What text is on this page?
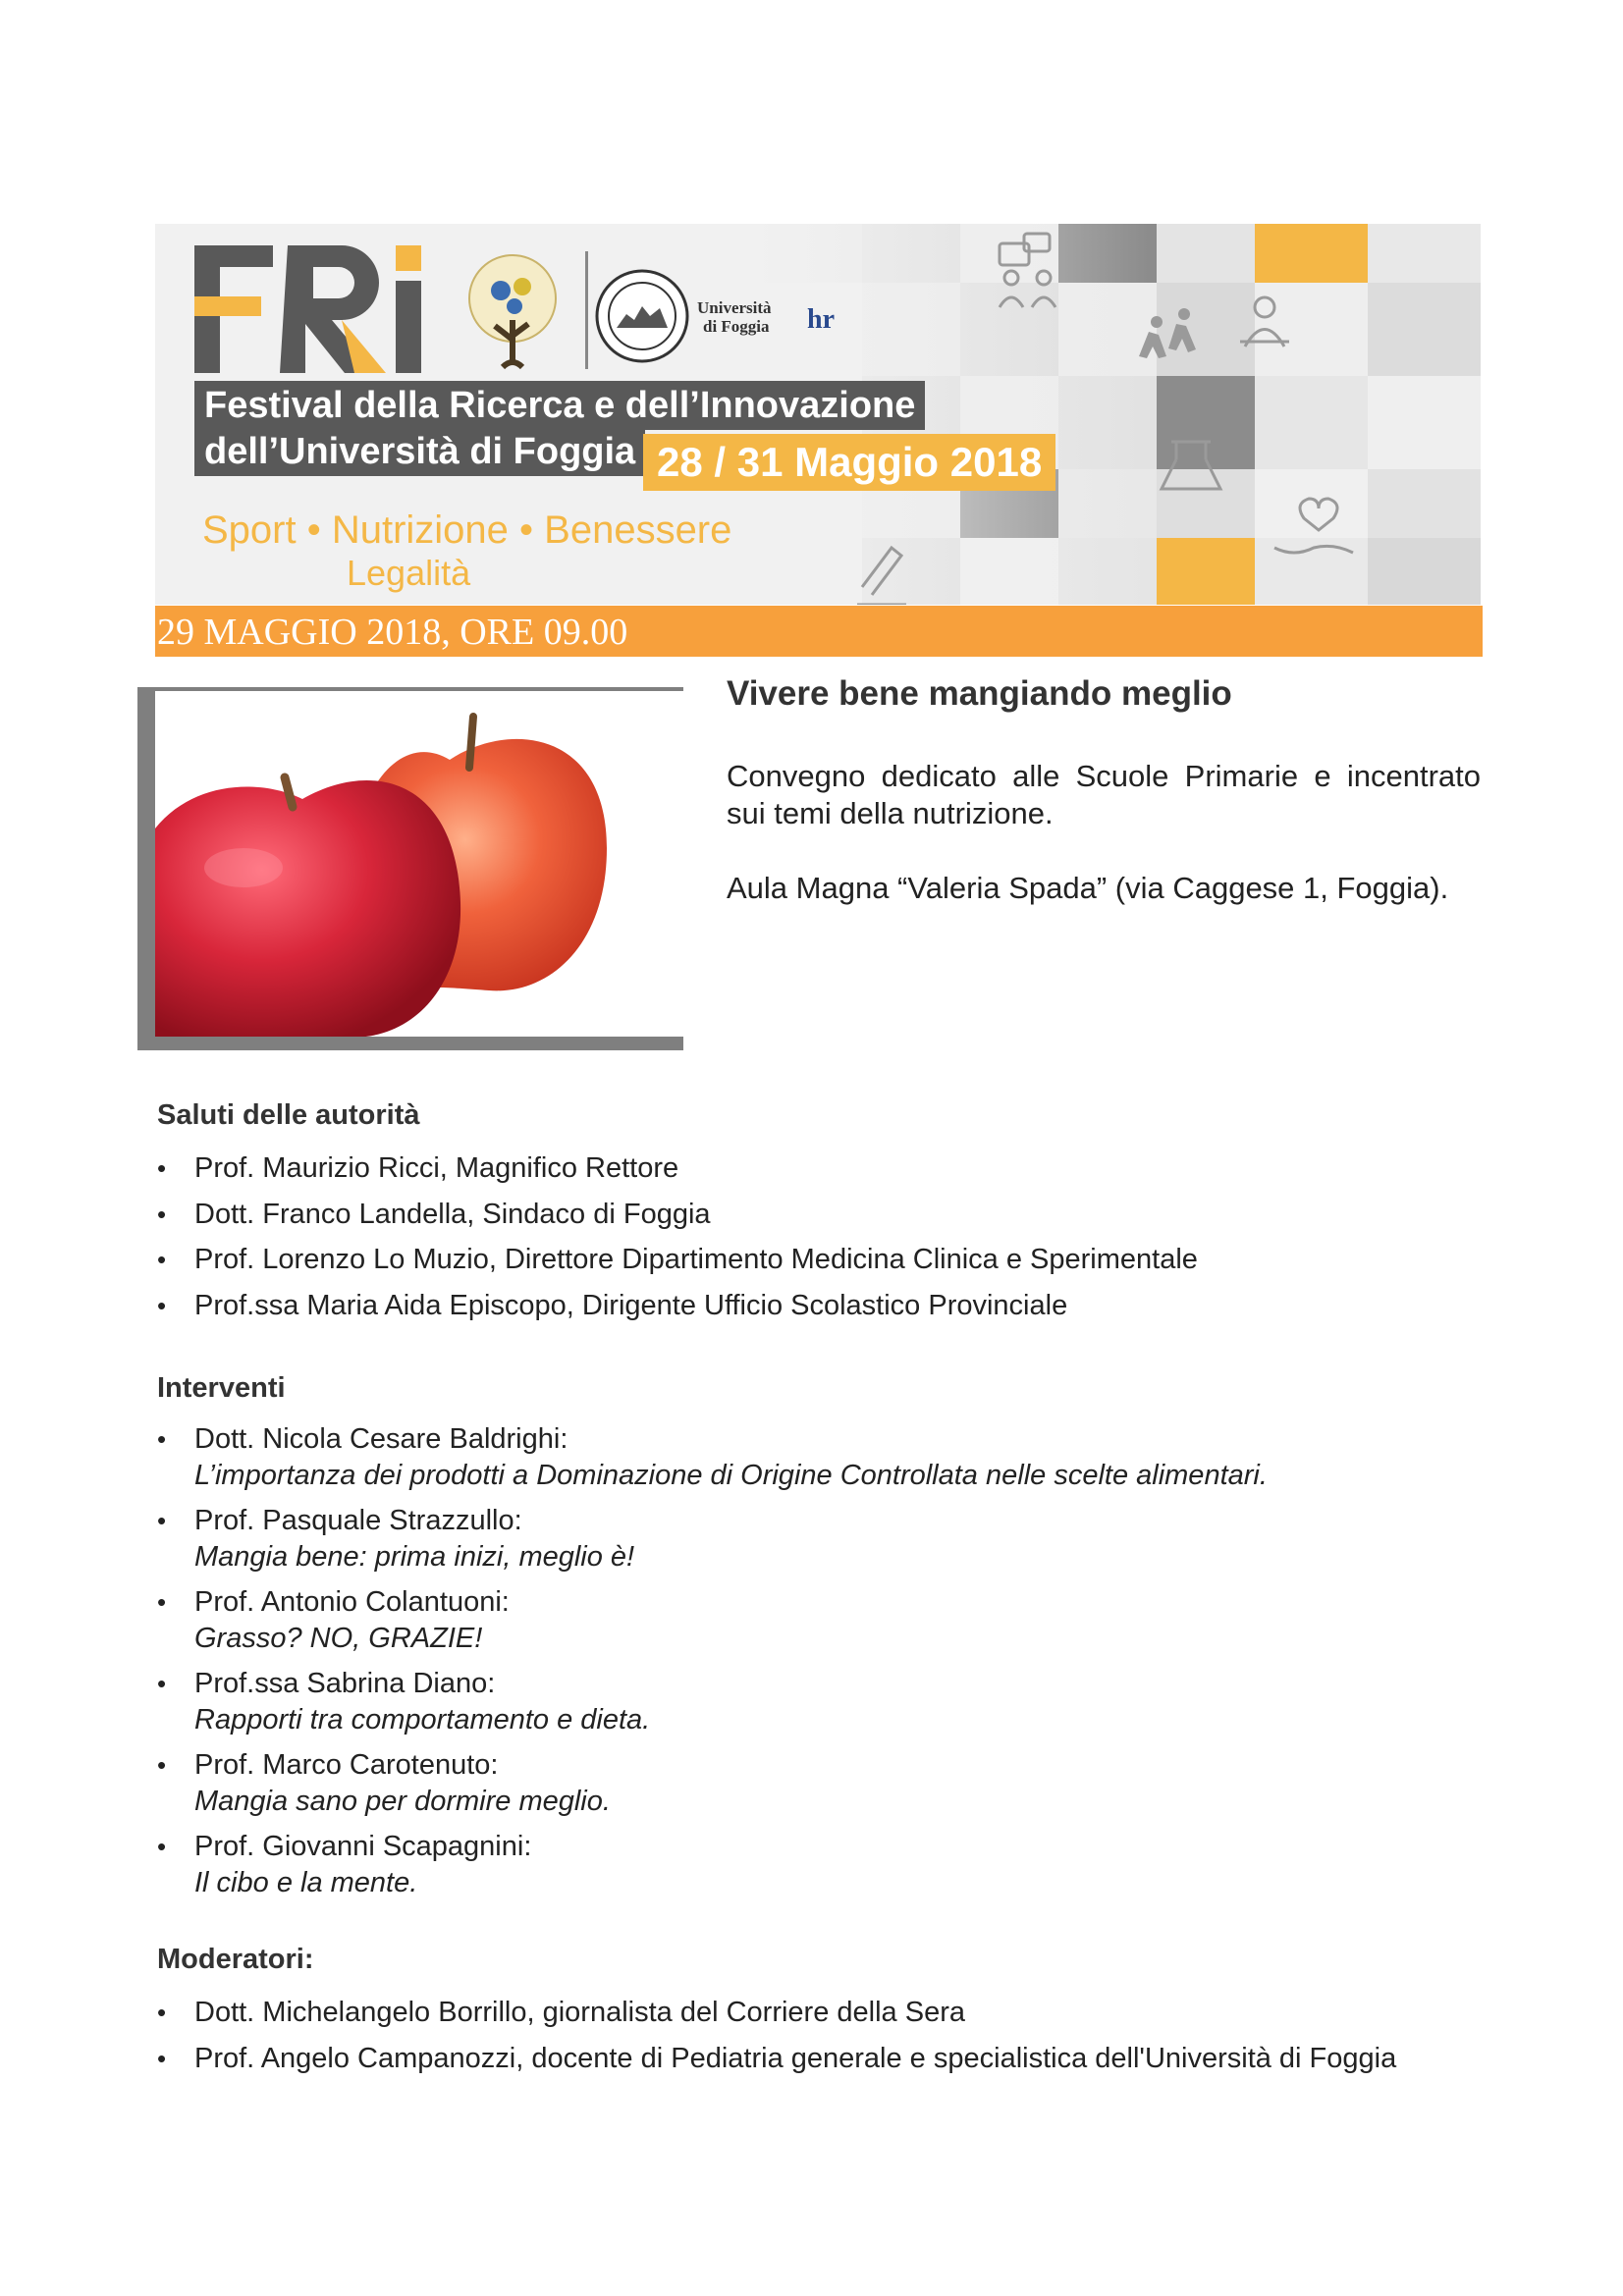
Università
di Foggia hr
Festival della Ricerca e dell’Innovazione
dell’Università di Foggia 28 / 31 Maggio 2018
Sport • Nutrizione • Benessere
Legalità
29 MAGGIO 2018, ORE 09.00
Vivere bene mangiando meglio

Convegno dedicato alle Scuole Primarie e incentrato sui temi della nutrizione.

Aula Magna “Valeria Spada” (via Caggese 1, Foggia).

Saluti delle autorità
• Prof. Maurizio Ricci, Magnifico Rettore
• Dott. Franco Landella, Sindaco di Foggia
• Prof. Lorenzo Lo Muzio, Direttore Dipartimento Medicina Clinica e Sperimentale
• Prof.ssa Maria Aida Episcopo, Dirigente Ufficio Scolastico Provinciale
Interventi
• Dott. Nicola Cesare Baldrighi:
L’importanza dei prodotti a Dominazione di Origine Controllata nelle scelte alimentari.
• Prof. Pasquale Strazzullo:
Mangia bene: prima inizi, meglio è!
• Prof. Antonio Colantuoni:
Grasso? NO, GRAZIE!
• Prof.ssa Sabrina Diano:
Rapporti tra comportamento e dieta.
• Prof. Marco Carotenuto:
Mangia sano per dormire meglio.
• Prof. Giovanni Scapagnini:
Il cibo e la mente.
Moderatori:
• Dott. Michelangelo Borrillo, giornalista del Corriere della Sera
• Prof. Angelo Campanozzi, docente di Pediatria generale e specialistica dell'Università di Foggia
